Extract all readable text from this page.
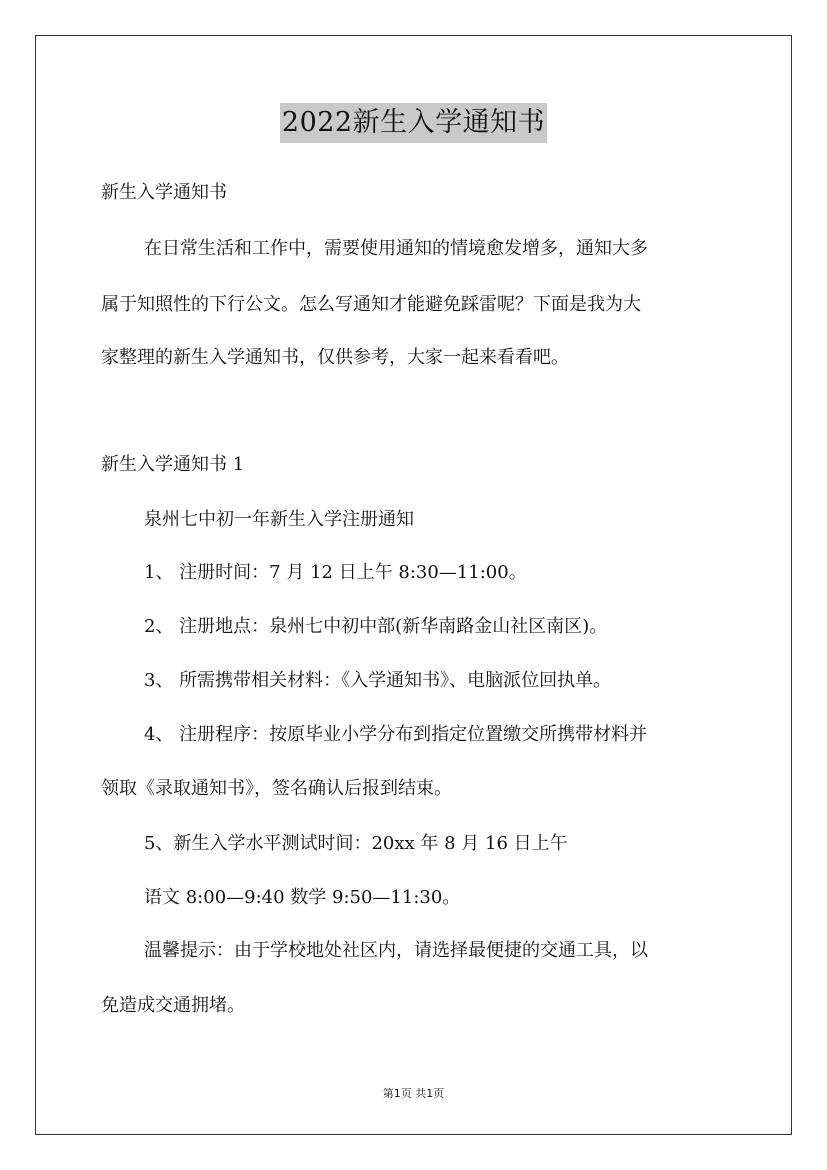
2022新生入学通知书
新生入学通知书
在日常生活和工作中，需要使用通知的情境愈发增多，通知大多
属于知照性的下行公文。怎么写通知才能避免踩雷呢？下面是我为大
家整理的新生入学通知书，仅供参考，大家一起来看看吧。
新生入学通知书 1
泉州七中初一年新生入学注册通知
1、 注册时间：7 月 12 日上午 8:30—11:00。
2、 注册地点：泉州七中初中部(新华南路金山社区南区)。
3、 所需携带相关材料：《入学通知书》、电脑派位回执单。
4、 注册程序：按原毕业小学分布到指定位置缴交所携带材料并
领取《录取通知书》，签名确认后报到结束。
5、新生入学水平测试时间：20xx 年 8 月 16 日上午
语文 8:00—9:40 数学 9:50—11:30。
温馨提示：由于学校地处社区内，请选择最便捷的交通工具，以
免造成交通拥堵。
第1页 共1页
